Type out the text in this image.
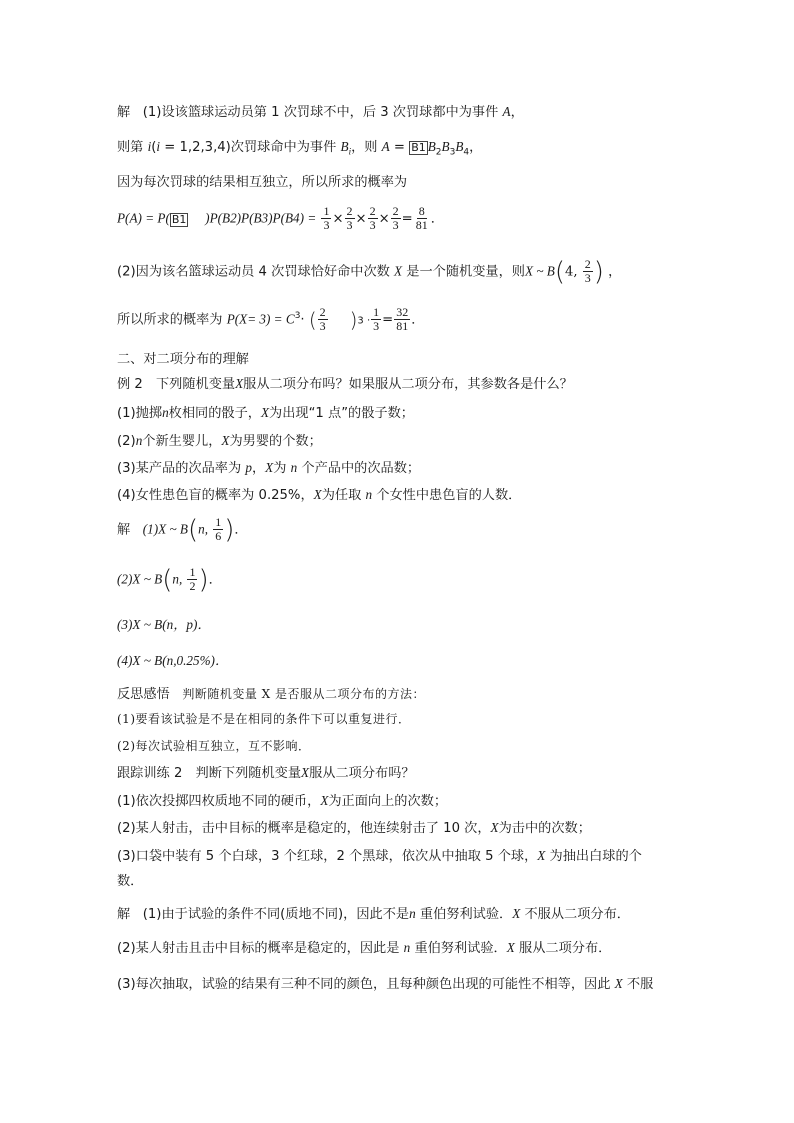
解 (1)设该篮球运动员第 1 次罚球不中，后 3 次罚球都中为事件 A，
则第 i(i = 1,2,3,4)次罚球命中为事件 $B_i$，则 A = B1 $B_2B_3B_4$，
因为每次罚球的结果相互独立，所以所求的概率为
P(A) = P( B1 )$P(B2)P(B3)P(B4) = \frac{1}{3} \times \frac{2}{3} \times \frac{2}{3} \times \frac{2}{3} = \frac{8}{81}$ ．
(2)因为该名篮球运动员 4 次罚球恰好命中次数 X 是一个随机变量，则X ~ B(4, $\frac{2}{3}$ ) ，
所以所求的概率为 $P(X= 3) = C^3\cdot$ ( $\frac{2}{3} )3 \cdot \frac{1}{3} = \frac{32}{81}$ ．
二、对二项分布的理解
例 2　下列随机变量X服从二项分布吗？如果服从二项分布，其参数各是什么？
(1)抛掷n枚相同的骰子，X为出现“1 点”的骰子数；
(2)n个新生婴儿，X为男婴的个数；
(3)某产品的次品率为 p，X为 n 个产品中的次品数；
(4)女性患色盲的概率为 0.25%，X为任取 n 个女性中患色盲的人数．
解 (1)X ~ B(n, $\frac{1}{6}$ )．
(2)X ~ B(n, $\frac{1}{2}$ )．
(3)X ~ B(n，p)．
(4)X ~ B(n,0.25%)．
反思感悟 判断随机变量 X 是否服从二项分布的方法：
(1)要看该试验是不是在相同的条件下可以重复进行．
(2)每次试验相互独立，互不影响．
跟踪训练 2　判断下列随机变量X服从二项分布吗？
(1)依次投掷四枚质地不同的硬币，X为正面向上的次数；
(2)某人射击，击中目标的概率是稳定的，他连续射击了 10 次，X为击中的次数；
(3)口袋中装有 5 个白球，3 个红球，2 个黑球，依次从中抽取 5 个球，X 为抽出白球的个
数．
解 (1)由于试验的条件不同(质地不同)，因此不是n 重伯努利试验．X 不服从二项分布．
(2)某人射击且击中目标的概率是稳定的，因此是 n 重伯努利试验．X 服从二项分布．
(3)每次抽取，试验的结果有三种不同的颜色，且每种颜色出现的可能性不相等，因此 X 不服
